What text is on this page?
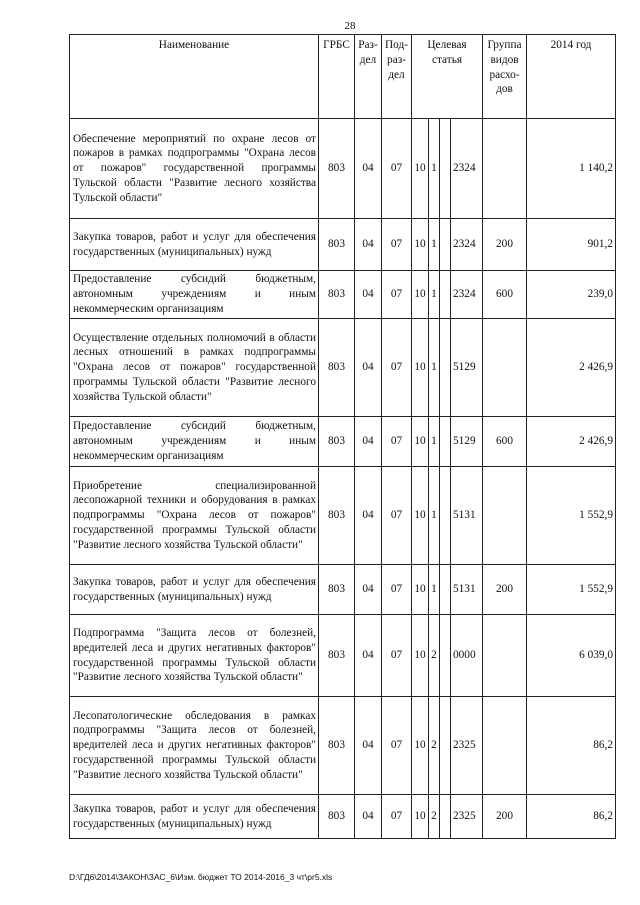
28
Наименование	ГРБС	Раз-дел	Под-раз-дел	Целевая статья				Группа видов расхо-дов	2014 год
Обеспечение мероприятий по охране лесов от пожаров в рамках подпрограммы "Охрана лесов от пожаров" государственной программы Тульской области "Развитие лесного хозяйства Тульской области"	803	04	07	10	1		2324		1 140,2
Закупка товаров, работ и услуг для обеспечения государственных (муниципальных) нужд	803	04	07	10	1		2324	200	901,2
Предоставление субсидий бюджетным, автономным учреждениям и иным некоммерческим организациям	803	04	07	10	1		2324	600	239,0
Осуществление отдельных полномочий в области лесных отношений в рамках подпрограммы "Охрана лесов от пожаров" государственной программы Тульской области "Развитие лесного хозяйства Тульской области"	803	04	07	10	1		5129		2 426,9
Предоставление субсидий бюджетным, автономным учреждениям и иным некоммерческим организациям	803	04	07	10	1		5129	600	2 426,9
Приобретение специализированной лесопожарной техники и оборудования в рамках подпрограммы "Охрана лесов от пожаров" государственной программы Тульской области "Развитие лесного хозяйства Тульской области"	803	04	07	10	1		5131		1 552,9
Закупка товаров, работ и услуг для обеспечения государственных (муниципальных) нужд	803	04	07	10	1		5131	200	1 552,9
Подпрограмма "Защита лесов от болезней, вредителей леса и других негативных факторов" государственной программы Тульской области "Развитие лесного хозяйства Тульской области"	803	04	07	10	2		0000		6 039,0
Лесопатологические обследования в рамках подпрограммы "Защита лесов от болезней, вредителей леса и других негативных факторов" государственной программы Тульской области "Развитие лесного хозяйства Тульской области"	803	04	07	10	2		2325		86,2
Закупка товаров, работ и услуг для обеспечения государственных (муниципальных) нужд	803	04	07	10	2		2325	200	86,2
D:\ГД6\2014\ЗАКОН\ЗАС_6\Изм. бюджет ТО 2014-2016_3 чт\pr5.xls
